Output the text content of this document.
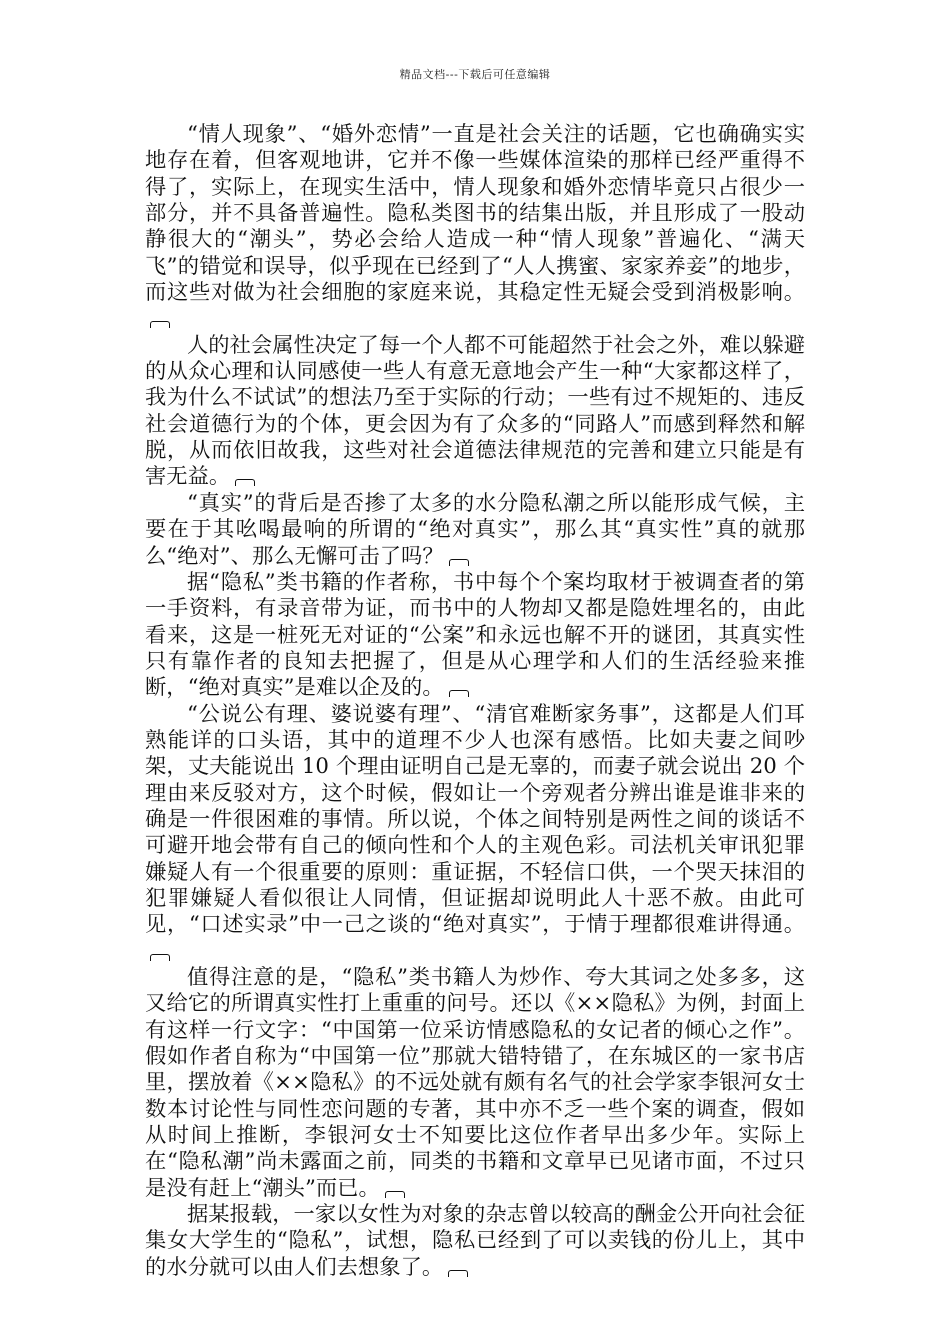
精品文档---下载后可任意编辑

“情人现象”、“婚外恋情”一直是社会关注的话题，它也确确实实地存在着，但客观地讲，它并不像一些媒体渲染的那样已经严重得不得了，实际上，在现实生活中，情人现象和婚外恋情毕竟只占很少一部分，并不具备普遍性。隐私类图书的结集出版，并且形成了一股动静很大的“潮头”，势必会给人造成一种“情人现象”普遍化、“满天飞”的错觉和误导，似乎现在已经到了“人人携蜜、家家养妾”的地步，而这些对做为社会细胞的家庭来说，其稳定性无疑会受到消极影响。

人的社会属性决定了每一个人都不可能超然于社会之外，难以躲避的从众心理和认同感使一些人有意无意地会产生一种“大家都这样了，我为什么不试试”的想法乃至于实际的行动；一些有过不规矩的、违反社会道德行为的个体，更会因为有了众多的“同路人”而感到释然和解脱，从而依旧故我，这些对社会道德法律规范的完善和建立只能是有害无益。

“真实”的背后是否掺了太多的水分隐私潮之所以能形成气候，主要在于其吆喝最响的所谓的“绝对真实”，那么其“真实性”真的就那么“绝对”、那么无懈可击了吗？

据“隐私”类书籍的作者称，书中每个个案均取材于被调查者的第一手资料，有录音带为证，而书中的人物却又都是隐姓埋名的，由此看来，这是一桩死无对证的“公案”和永远也解不开的谜团，其真实性只有靠作者的良知去把握了，但是从心理学和人们的生活经验来推断，“绝对真实”是难以企及的。

“公说公有理、婆说婆有理”、“清官难断家务事”，这都是人们耳熟能详的口头语，其中的道理不少人也深有感悟。比如夫妻之间吵架，丈夫能说出 10 个理由证明自己是无辜的，而妻子就会说出 20 个理由来反驳对方，这个时候，假如让一个旁观者分辨出谁是谁非来的确是一件很困难的事情。所以说，个体之间特别是两性之间的谈话不可避开地会带有自己的倾向性和个人的主观色彩。司法机关审讯犯罪嫌疑人有一个很重要的原则：重证据，不轻信口供，一个哭天抹泪的犯罪嫌疑人看似很让人同情，但证据却说明此人十恶不赦。由此可见，“口述实录”中一己之谈的“绝对真实”，于情于理都很难讲得通。

值得注意的是，“隐私”类书籍人为炒作、夸大其词之处多多，这又给它的所谓真实性打上重重的问号。还以《××隐私》为例，封面上有这样一行文字：“中国第一位采访情感隐私的女记者的倾心之作”。假如作者自称为“中国第一位”那就大错特错了，在东城区的一家书店里，摆放着《××隐私》的不远处就有颇有名气的社会学家李银河女士数本讨论性与同性恋问题的专著，其中亦不乏一些个案的调查，假如从时间上推断，李银河女士不知要比这位作者早出多少年。实际上在“隐私潮”尚未露面之前，同类的书籍和文章早已见诸市面，不过只是没有赶上“潮头”而已。

据某报载，一家以女性为对象的杂志曾以较高的酬金公开向社会征集女大学生的“隐私”，试想，隐私已经到了可以卖钱的份儿上，其中的水分就可以由人们去想象了。
